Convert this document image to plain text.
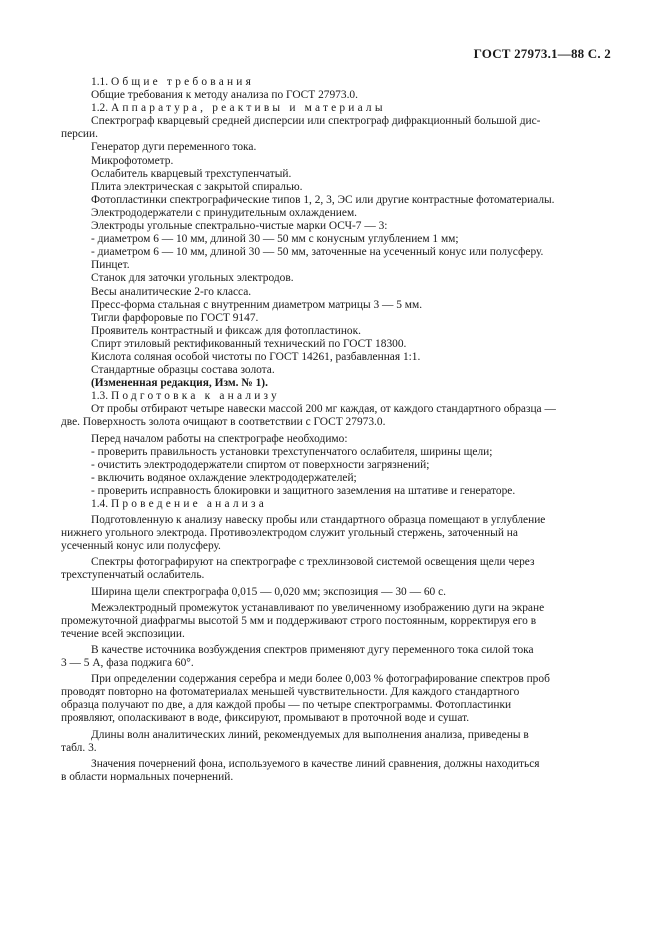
ГОСТ 27973.1—88 С. 2

1.1. Общие требования

Общие требования к методу анализа по ГОСТ 27973.0.

1.2. Аппаратура, реактивы и материалы

Спектрограф кварцевый средней дисперсии или спектрограф дифракционный большой дис-

персии.

Генератор дуги переменного тока.

Микрофотометр.

Ослабитель кварцевый трехступенчатый.

Плита электрическая с закрытой спиралью.

Фотопластинки спектрографические типов 1, 2, 3, ЭС или другие контрастные фотоматериалы.

Электрододержатели с принудительным охлаждением.

Электроды угольные спектрально-чистые марки ОСЧ-7 — 3:

- диаметром 6 — 10 мм, длиной 30 — 50 мм с конусным углублением 1 мм;

- диаметром 6 — 10 мм, длиной 30 — 50 мм, заточенные на усеченный конус или полусферу.

Пинцет.

Станок для заточки угольных электродов.

Весы аналитические 2-го класса.

Пресс-форма стальная с внутренним диаметром матрицы 3 — 5 мм.

Тигли фарфоровые по ГОСТ 9147.

Проявитель контрастный и фиксаж для фотопластинок.

Спирт этиловый ректификованный технический по ГОСТ 18300.

Кислота соляная особой чистоты по ГОСТ 14261, разбавленная 1:1.

Стандартные образцы состава золота.

(Измененная редакция, Изм. № 1).

1.3. Подготовка к анализу

От пробы отбирают четыре навески массой 200 мг каждая, от каждого стандартного образца —

две. Поверхность золота очищают в соответствии с ГОСТ 27973.0.

Перед началом работы на спектрографе необходимо:

- проверить правильность установки трехступенчатого ослабителя, ширины щели;

- очистить электрододержатели спиртом от поверхности загрязнений;

- включить водяное охлаждение электрододержателей;

- проверить исправность блокировки и защитного заземления на штативе и генераторе.

1.4. Проведение анализа

Подготовленную к анализу навеску пробы или стандартного образца помещают в углубление

нижнего угольного электрода. Противоэлектродом служит угольный стержень, заточенный на

усеченный конус или полусферу.

Спектры фотографируют на спектрографе с трехлинзовой системой освещения щели через

трехступенчатый ослабитель.

Ширина щели спектрографа 0,015 — 0,020 мм; экспозиция — 30 — 60 с.

Межэлектродный промежуток устанавливают по увеличенному изображению дуги на экране

промежуточной диафрагмы высотой 5 мм и поддерживают строго постоянным, корректируя его в

течение всей экспозиции.

В качестве источника возбуждения спектров применяют дугу переменного тока силой тока

3 — 5 А, фаза поджига 60°.

При определении содержания серебра и меди более 0,003 % фотографирование спектров проб

проводят повторно на фотоматериалах меньшей чувствительности. Для каждого стандартного

образца получают по две, а для каждой пробы — по четыре спектрограммы. Фотопластинки

проявляют, ополаскивают в воде, фиксируют, промывают в проточной воде и сушат.

Длины волн аналитических линий, рекомендуемых для выполнения анализа, приведены в

табл. 3.

Значения почернений фона, используемого в качестве линий сравнения, должны находиться

в области нормальных почернений.
